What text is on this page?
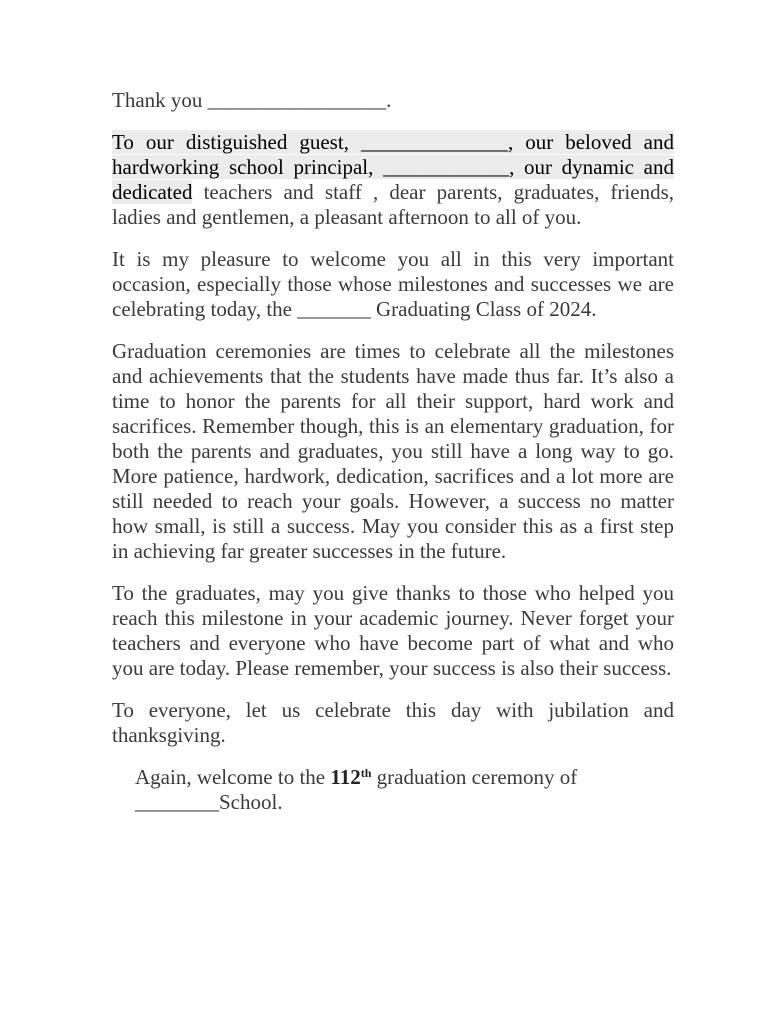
Thank you _________________.

To our distiguished guest, ______________, our beloved and hardworking school principal, ____________, our dynamic and dedicated teachers and staff , dear parents, graduates, friends, ladies and gentlemen, a pleasant afternoon to all of you.

It is my pleasure to welcome you all in this very important occasion, especially those whose milestones and successes we are celebrating today, the _______ Graduating Class of 2024.

Graduation ceremonies are times to celebrate all the milestones and achievements that the students have made thus far. It’s also a time to honor the parents for all their support, hard work and sacrifices. Remember though, this is an elementary graduation, for both the parents and graduates, you still have a long way to go. More patience, hardwork, dedication, sacrifices and a lot more are still needed to reach your goals. However, a success no matter how small, is still a success. May you consider this as a first step in achieving far greater successes in the future.

To the graduates, may you give thanks to those who helped you reach this milestone in your academic journey. Never forget your teachers and everyone who have become part of what and who you are today. Please remember, your success is also their success.

To everyone, let us celebrate this day with jubilation and thanksgiving.

Again, welcome to the 112th graduation ceremony of ________School.
